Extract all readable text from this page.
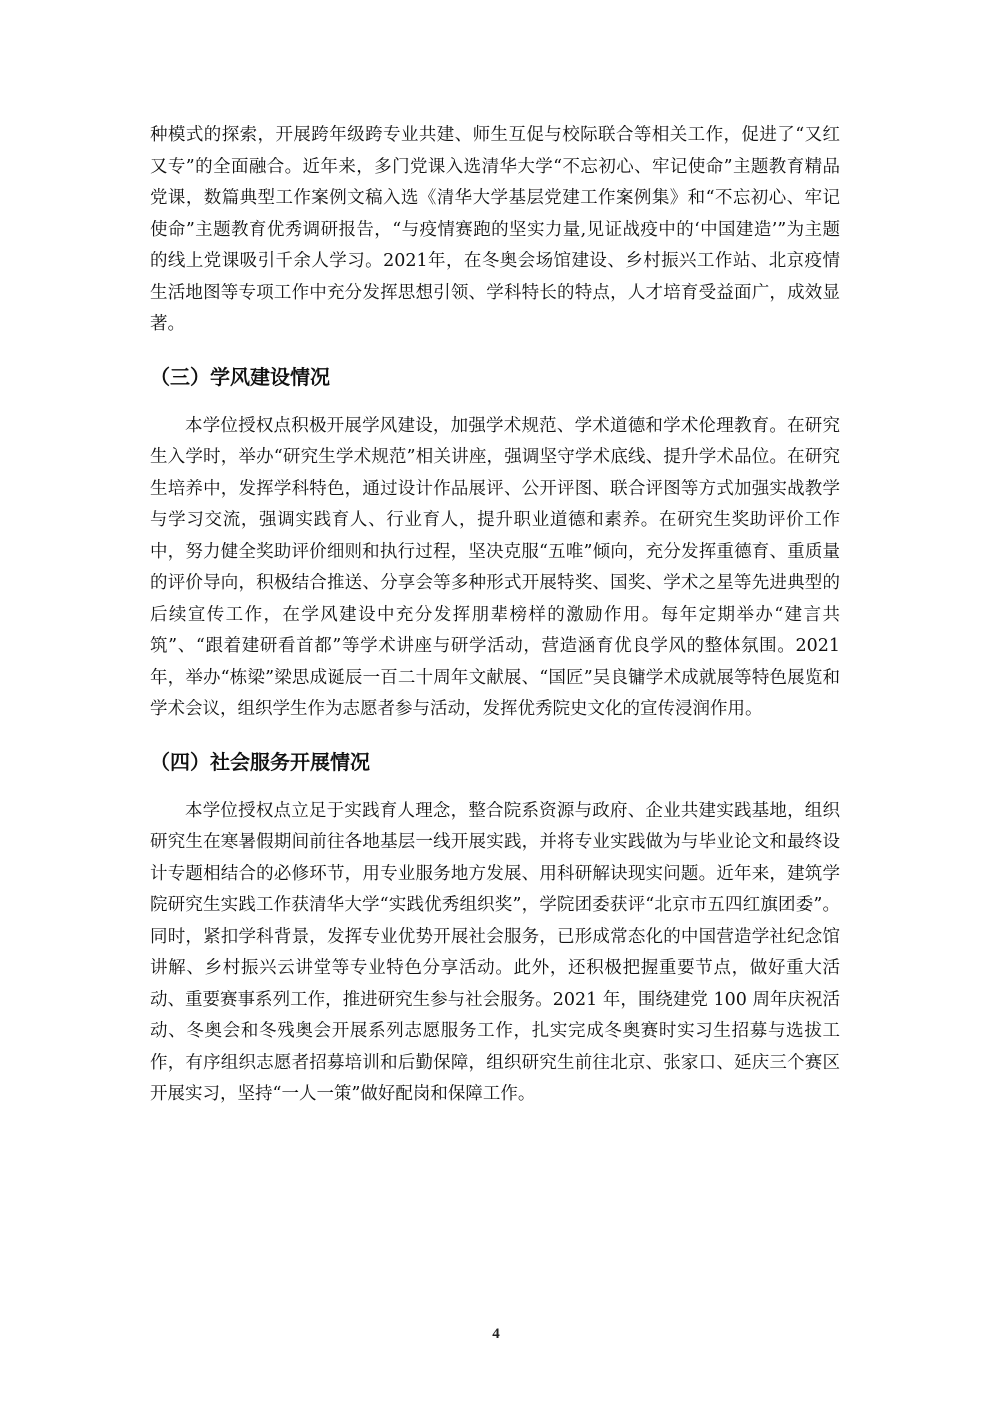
种模式的探索，开展跨年级跨专业共建、师生互促与校际联合等相关工作，促进了“又红又专”的全面融合。近年来，多门党课入选清华大学“不忘初心、牢记使命”主题教育精品党课，数篇典型工作案例文稿入选《清华大学基层党建工作案例集》和“不忘初心、牢记使命”主题教育优秀调研报告，“与疫情赛跑的坚实力量,见证战疫中的‘中国建造’”为主题的线上党课吸引千余人学习。2021年，在冬奥会场馆建设、乡村振兴工作站、北京疫情生活地图等专项工作中充分发挥思想引领、学科特长的特点，人才培育受益面广，成效显著。

（三）学风建设情况

本学位授权点积极开展学风建设，加强学术规范、学术道德和学术伦理教育。在研究生入学时，举办“研究生学术规范”相关讲座，强调坚守学术底线、提升学术品位。在研究生培养中，发挥学科特色，通过设计作品展评、公开评图、联合评图等方式加强实战教学与学习交流，强调实践育人、行业育人，提升职业道德和素养。在研究生奖助评价工作中，努力健全奖助评价细则和执行过程，坚决克服“五唯”倾向，充分发挥重德育、重质量的评价导向，积极结合推送、分享会等多种形式开展特奖、国奖、学术之星等先进典型的后续宣传工作，在学风建设中充分发挥朋辈榜样的激励作用。每年定期举办“建言共筑”、“跟着建研看首都”等学术讲座与研学活动，营造涵育优良学风的整体氛围。2021年，举办“栋梁”梁思成诞辰一百二十周年文献展、“国匠”吴良镛学术成就展等特色展览和学术会议，组织学生作为志愿者参与活动，发挥优秀院史文化的宣传浸润作用。

（四）社会服务开展情况

本学位授权点立足于实践育人理念，整合院系资源与政府、企业共建实践基地，组织研究生在寒暑假期间前往各地基层一线开展实践，并将专业实践做为与毕业论文和最终设计专题相结合的必修环节，用专业服务地方发展、用科研解诀现实问题。近年来，建筑学院研究生实践工作获清华大学“实践优秀组织奖”，学院团委获评“北京市五四红旗团委”。同时，紧扣学科背景，发挥专业优势开展社会服务，已形成常态化的中国营造学社纪念馆讲解、乡村振兴云讲堂等专业特色分享活动。此外，还积极把握重要节点，做好重大活动、重要赛事系列工作，推进研究生参与社会服务。2021 年，围绕建党 100 周年庆祝活动、冬奥会和冬残奥会开展系列志愿服务工作，扎实完成冬奥赛时实习生招募与选拔工作，有序组织志愿者招募培训和后勤保障，组织研究生前往北京、张家口、延庆三个赛区开展实习，坚持“一人一策”做好配岗和保障工作。

4
